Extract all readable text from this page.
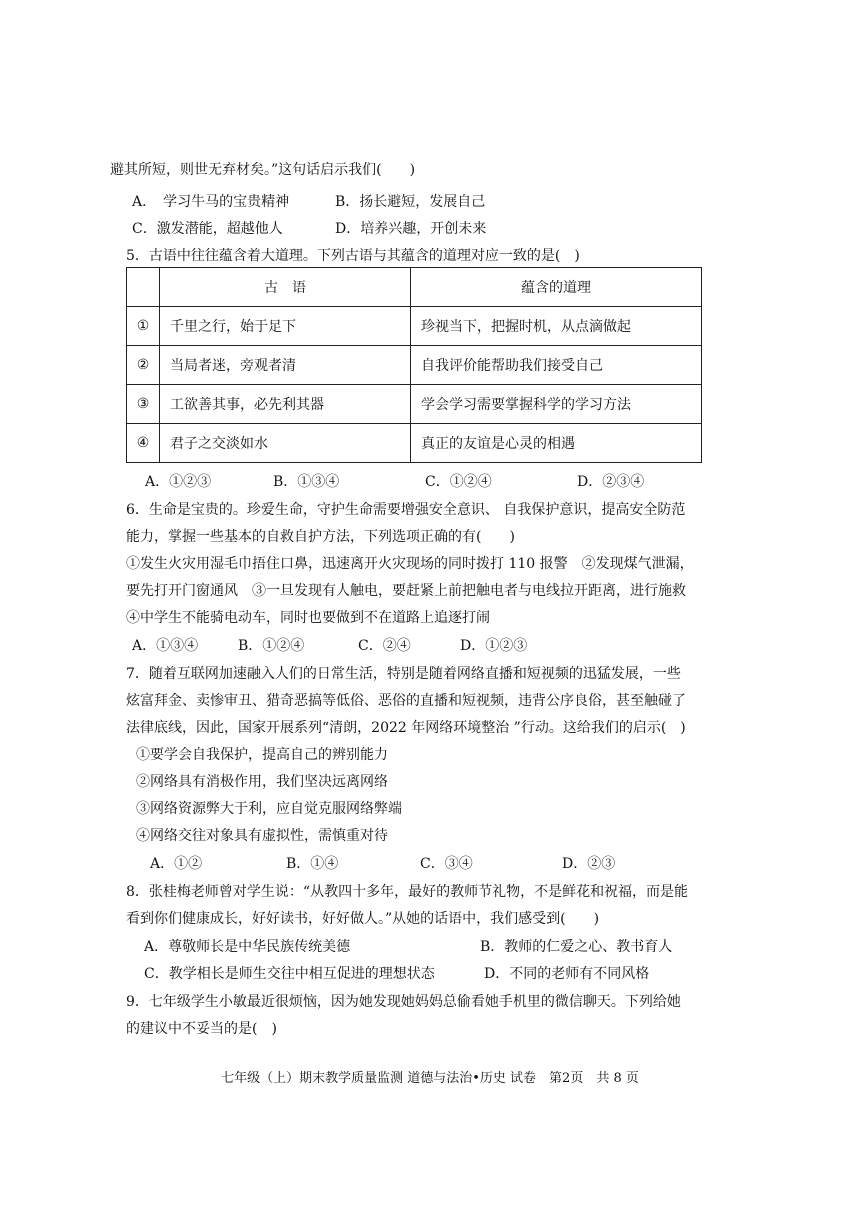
避其所短，则世无弃材矣。”这句话启示我们(　　)
A．　学习牛马的宝贵精神	B．扬长避短，发展自己
C．激发潜能，超越他人	D．培养兴趣，开创未来
5．古语中往往蕴含着大道理。下列古语与其蕴含的道理对应一致的是(　)
	古　语	蕴含的道理
①	千里之行，始于足下	珍视当下，把握时机，从点滴做起
②	当局者迷，旁观者清	自我评价能帮助我们接受自己
③	工欲善其事，必先利其器	学会学习需要掌握科学的学习方法
④	君子之交淡如水	真正的友谊是心灵的相遇
A．①②③	B．①③④	C．①②④	D．②③④
6．生命是宝贵的。珍爱生命，守护生命需要增强安全意识、 自我保护意识，提高安全防范
能力，掌握一些基本的自救自护方法，下列选项正确的有(　　)
①发生火灾用湿毛巾捂住口鼻，迅速离开火灾现场的同时拨打 110 报警　②发现煤气泄漏，
要先打开门窗通风　③一旦发现有人触电，要赶紧上前把触电者与电线拉开距离，进行施救
④中学生不能骑电动车，同时也要做到不在道路上追逐打闹
A．①③④	B．①②④	C．②④	D．①②③
7．随着互联网加速融入人们的日常生活，特别是随着网络直播和短视频的迅猛发展，一些
炫富拜金、卖惨审丑、猎奇恶搞等低俗、恶俗的直播和短视频，违背公序良俗，甚至触碰了
法律底线，因此，国家开展系列“清朗，2022 年网络环境整治 ”行动。这给我们的启示(　)
①要学会自我保护，提高自己的辨别能力
②网络具有消极作用，我们坚决远离网络
③网络资源弊大于利，应自觉克服网络弊端
④网络交往对象具有虚拟性，需慎重对待
A．①②	B．①④	C．③④	D．②③
8．张桂梅老师曾对学生说：“从教四十多年，最好的教师节礼物，不是鲜花和祝福，而是能
看到你们健康成长，好好读书，好好做人。”从她的话语中，我们感受到(　　)
A．尊敬师长是中华民族传统美德	B．教师的仁爱之心、教书育人
C．教学相长是师生交往中相互促进的理想状态	D．不同的老师有不同风格
9．七年级学生小敏最近很烦恼，因为她发现她妈妈总偷看她手机里的微信聊天。下列给她
的建议中不妥当的是(　)
七年级（上）期末教学质量监测 道德与法治•历史 试卷　第2页　共 8 页
